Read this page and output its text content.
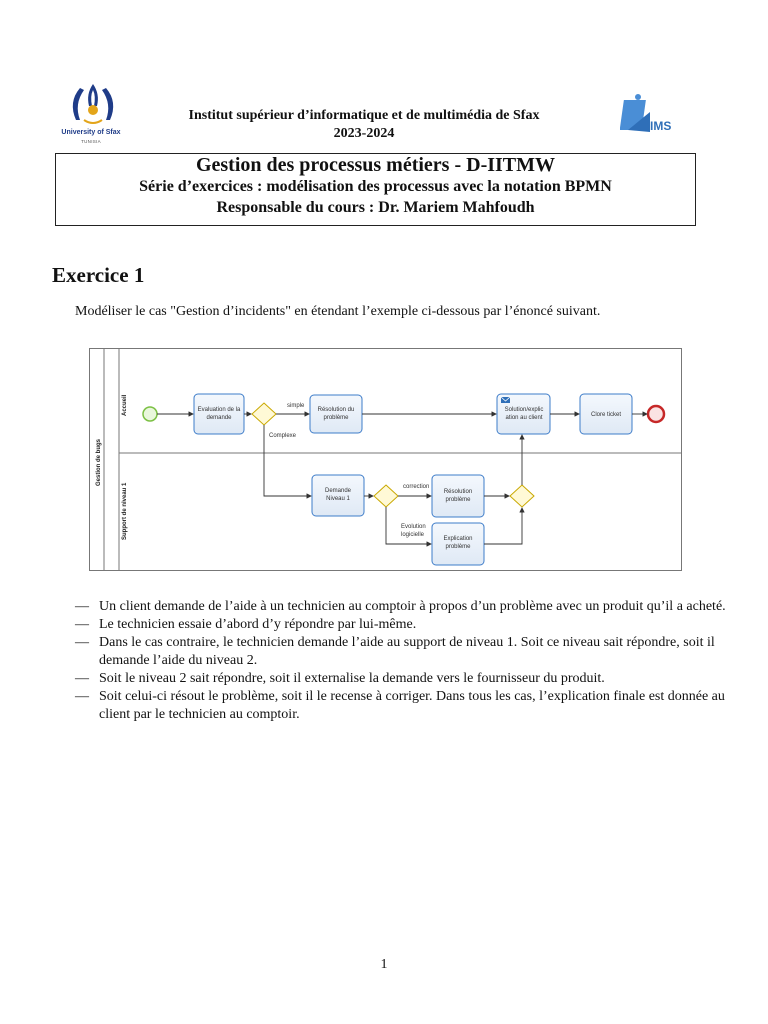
University of Sfax
TUNISIA
Institut supérieur d’informatique et de multimédia de Sfax
2023-2024	IMS
Gestion des processus métiers - D-IITMW
Série d’exercices : modélisation des processus avec la notation BPMN
Responsable du cours : Dr. Mariem Mahfoudh
Exercice 1
Modéliser le cas "Gestion d’incidents" en étendant l’exemple ci-dessous par l’énoncé suivant.
Gestion de bugs
Accueil
Support de niveau 1
Evaluation de la
demande
Résolution du
problème
Solution/explic
ation au client	Clore ticket
Demande
Niveau 1
Résolution
problème
Explication
problème
simple
Complexe
correction
Evolution
logicielle
— Un client demande de l’aide à un technicien au comptoir à propos d’un problème avec un produit qu’il a acheté.
— Le technicien essaie d’abord d’y répondre par lui-même.
— Dans le cas contraire, le technicien demande l’aide au support de niveau 1. Soit ce niveau sait répondre, soit il demande l’aide du niveau 2.
— Soit le niveau 2 sait répondre, soit il externalise la demande vers le fournisseur du produit.
— Soit celui-ci résout le problème, soit il le recense à corriger. Dans tous les cas, l’explication finale est donnée au client par le technicien au comptoir.
1
